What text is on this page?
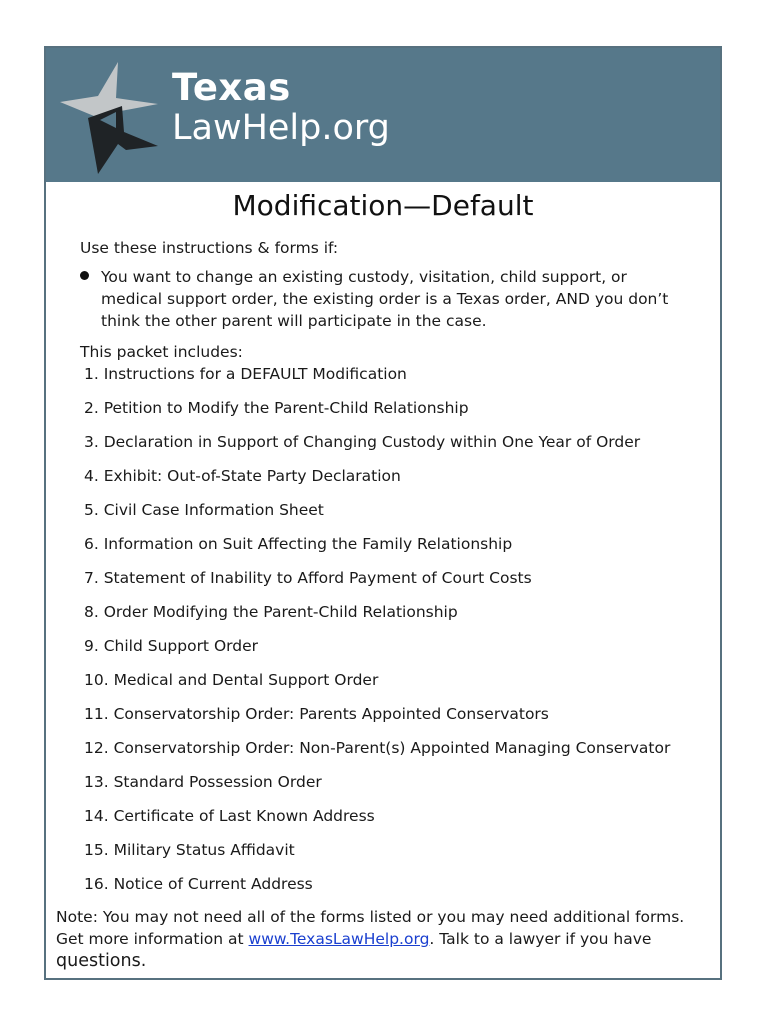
Texas
LawHelp.org
Modification—Default
Use these instructions & forms if:
You want to change an existing custody, visitation, child support, or medical support order, the existing order is a Texas order, AND you don’t think the other parent will participate in the case.
This packet includes:
1. Instructions for a DEFAULT Modification
2. Petition to Modify the Parent-Child Relationship
3. Declaration in Support of Changing Custody within One Year of Order
4. Exhibit: Out-of-State Party Declaration
5. Civil Case Information Sheet
6. Information on Suit Affecting the Family Relationship
7. Statement of Inability to Afford Payment of Court Costs
8. Order Modifying the Parent-Child Relationship
9. Child Support Order
10. Medical and Dental Support Order
11. Conservatorship Order: Parents Appointed Conservators
12. Conservatorship Order: Non-Parent(s) Appointed Managing Conservator
13. Standard Possession Order
14. Certificate of Last Known Address
15. Military Status Affidavit
16. Notice of Current Address
Note: You may not need all of the forms listed or you may need additional forms.
Get more information at www.TexasLawHelp.org. Talk to a lawyer if you have
questions.
